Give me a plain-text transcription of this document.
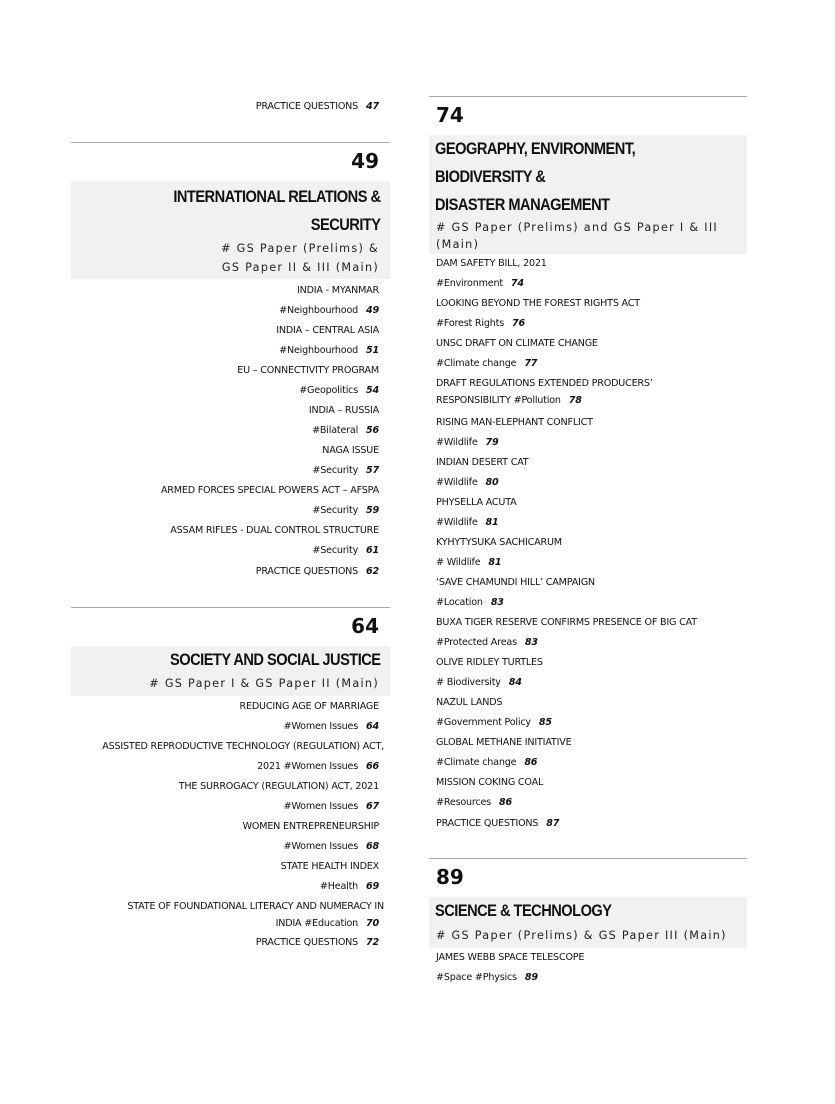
PRACTICE QUESTIONS 47
49
INTERNATIONAL RELATIONS & SECURITY
# GS Paper (Prelims) &
GS Paper II & III (Main)
INDIA - MYANMAR
#Neighbourhood 49
INDIA – CENTRAL ASIA
#Neighbourhood 51
EU – CONNECTIVITY PROGRAM
#Geopolitics 54
INDIA – RUSSIA
#Bilateral 56
NAGA ISSUE
#Security 57
ARMED FORCES SPECIAL POWERS ACT – AFSPA
#Security 59
ASSAM RIFLES - DUAL CONTROL STRUCTURE
#Security 61
PRACTICE QUESTIONS 62
64
SOCIETY AND SOCIAL JUSTICE
# GS Paper I & GS Paper II (Main)
REDUCING AGE OF MARRIAGE
#Women Issues 64
ASSISTED REPRODUCTIVE TECHNOLOGY (REGULATION) ACT,
2021 #Women Issues 66
THE SURROGACY (REGULATION) ACT, 2021
#Women Issues 67
WOMEN ENTREPRENEURSHIP
#Women Issues 68
STATE HEALTH INDEX
#Health 69
STATE OF FOUNDATIONAL LITERACY AND NUMERACY IN
INDIA #Education 70
PRACTICE QUESTIONS 72
74
GEOGRAPHY, ENVIRONMENT, BIODIVERSITY &
DISASTER MANAGEMENT
# GS Paper (Prelims) and GS Paper I & III
(Main)
DAM SAFETY BILL, 2021
#Environment 74
LOOKING BEYOND THE FOREST RIGHTS ACT
#Forest Rights 76
UNSC DRAFT ON CLIMATE CHANGE
#Climate change 77
DRAFT REGULATIONS EXTENDED PRODUCERS’
RESPONSIBILITY #Pollution 78
RISING MAN-ELEPHANT CONFLICT
#Wildlife 79
INDIAN DESERT CAT
#Wildlife 80
PHYSELLA ACUTA
#Wildlife 81
KYHYTYSUKA SACHICARUM
# Wildlife 81
‘SAVE CHAMUNDI HILL’ CAMPAIGN
#Location 83
BUXA TIGER RESERVE CONFIRMS PRESENCE OF BIG CAT
#Protected Areas 83
OLIVE RIDLEY TURTLES
# Biodiversity 84
NAZUL LANDS
#Government Policy 85
GLOBAL METHANE INITIATIVE
#Climate change 86
MISSION COKING COAL
#Resources 86
PRACTICE QUESTIONS 87
89
SCIENCE & TECHNOLOGY
# GS Paper (Prelims) & GS Paper III (Main)
JAMES WEBB SPACE TELESCOPE
#Space #Physics 89
